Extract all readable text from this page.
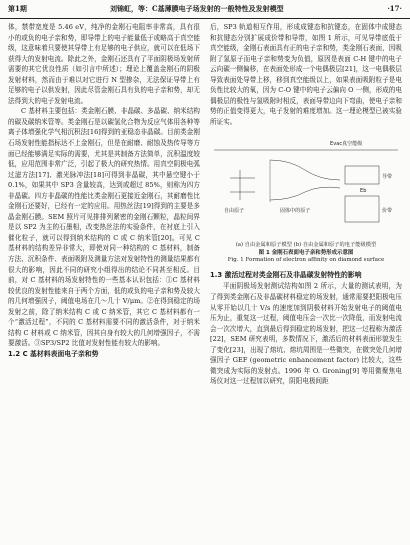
第1期	刘锦虹，等：C基薄膜电子场发射的一般特性及发射模型	·17·

体，禁带宽度是 5.46 eV，纯净的金刚石电阻率非常高，具有很小的或负的电子亲和势，即导带上的电子能量低于或略高于真空能级，这意味着只要使其导带上有足够的电子供应，就可以在低场下获得大的发射电流。除此之外，金刚石还具有了平面阴极场发射所需要的其它优良性质（如引言中所述）；理论上覆盖金刚石的阴极发射材料，然而由于难以对它进行 N 型掺杂，无法保证导带上有足够的电子以供发射，因此尽管金刚石具有负的电子亲和势，却无法得到大的电子发射电流。

C 基材料主要包括：类金刚石膜、非晶碳、多晶碳、纳米结构的碳及碳纳米管等。类金刚石是以碳氢化合物为反应气体用各种等离子体增强化学气相沉积法[16]得到的亚稳态非晶碳。目前类金刚石场发射性能指标达不上金刚石，但是在耐磨、耐蚀及热传导等方面已经能够满足实际的需要，尤其是其制备方法简单，沉积温度较低，应用范围非常广泛，引起了极大的研究热情。用真空阴极电弧过滤方法[17]、激光脉冲法[18]可得到非晶碳，其中悬空键小于 0.1%，如果其中 SP3 含量较高，达到或超过 85%，则称为四方非晶碳。四方非晶碳的性能比类金刚石更接近金刚石，其耐磨性比金刚石还要好，已经有一定的应用。用热丝法[19]得到的主要是多晶金刚石膜。SEM 照片可见排排列紧密的金刚石颗粒，晶粒间界是以 SP2 为主的石墨相，改变热丝法的实验条件，在衬底上引入催化粒子，就可以得到纳米结构的 C 或 C 纳米管[20]。可见 C 基材料的结构差异非常大，即使对同一种结构的 C 基材料，制备方法、沉积条件、表面吸附及测量方法对发射特性的测量结果都有很大的影响，因此不同的研究小组得出的结论不同甚至相反。目前，对 C 基材料的场发射特性的一些基本认识包括：①C 基材料较优良的发射性能来自于两个方面，低的或负的电子亲和势及较大的几何增强因子，阈值电场在几～几十 V/μm。②在得到稳定的场发射之前，除了纳米结构 C 或 C 纳米管，其它 C 基材料都有一个“激活过程”，不同的 C 基材料需要不同的激活条件，对于纳米结构 C 材料或 C 纳米管，因其自身有较大的几何增强因子，不需要激活。③SP3/SP2 比值对发射性能有较大的影响。

1.2 C 基材料表面电子亲和势

后，SP3 轨道相互作用，形成成键态和抗键态，在固体中成键态和抗键态分别扩展成价带和导带，如图 1 所示，可见导带底低于真空能级，金刚石表面具有正的电子亲和势，类金刚石表面，因吸附了氢原子而电子亲和势变为负值，原因是表面 C-H 键中的电子云向碳一侧偏移，在表面处形成一个电偶极层[21]，这一电偶极层导致表面处导带上移，移到真空能级以上，如果表面吸附粒子是电负性比较大的氧，因为 C-O 键中的电子云偏向 O 一侧，形成的电偶极层的极性与氢吸附时相反，表面导带边向下弯曲，使电子亲和势的正值变得更大，电子发射的难度增加。这一理论模型已被实验所证实。

Evac真空能级
自由原子	固体中的原子
导带
价带
Eb

(a) 自由金属和原子模型 (b) 自由金属和原子的电子能级模型

图 1 金刚石表面电子亲和势形成示意图

Fig. 1 Formation of electron affinity on diamond surface

1.3 激活过程对类金刚石及非晶碳发射特性的影响

平面阴极场发射测试结构如图 2 所示，大量的测试表明，为了得到类金刚石及非晶碳材料稳定的场发射，通常需要把阳极电压从零开始以几十 V/s 的速度加到阴极材料开始发射电子的阈值电压为止，重复这一过程，阈值电压会一次比一次降低，而发射电流会一次次增大，直到最后得到稳定的场发射，把这一过程称为激活[22]，SEM 研究表明，多数情况下，激活后的材料表面形貌发生了变化[23]，出现了熔坑、熔坑周围是一些微突，在微突处几何增强因子 GEF (geometric enhancement factor) 比较大，这些微突成为实际的发射点。1996 年 O. Groning[9] 等用微聚焦电场仪对这一过程加以研究，阴阳电极间距
